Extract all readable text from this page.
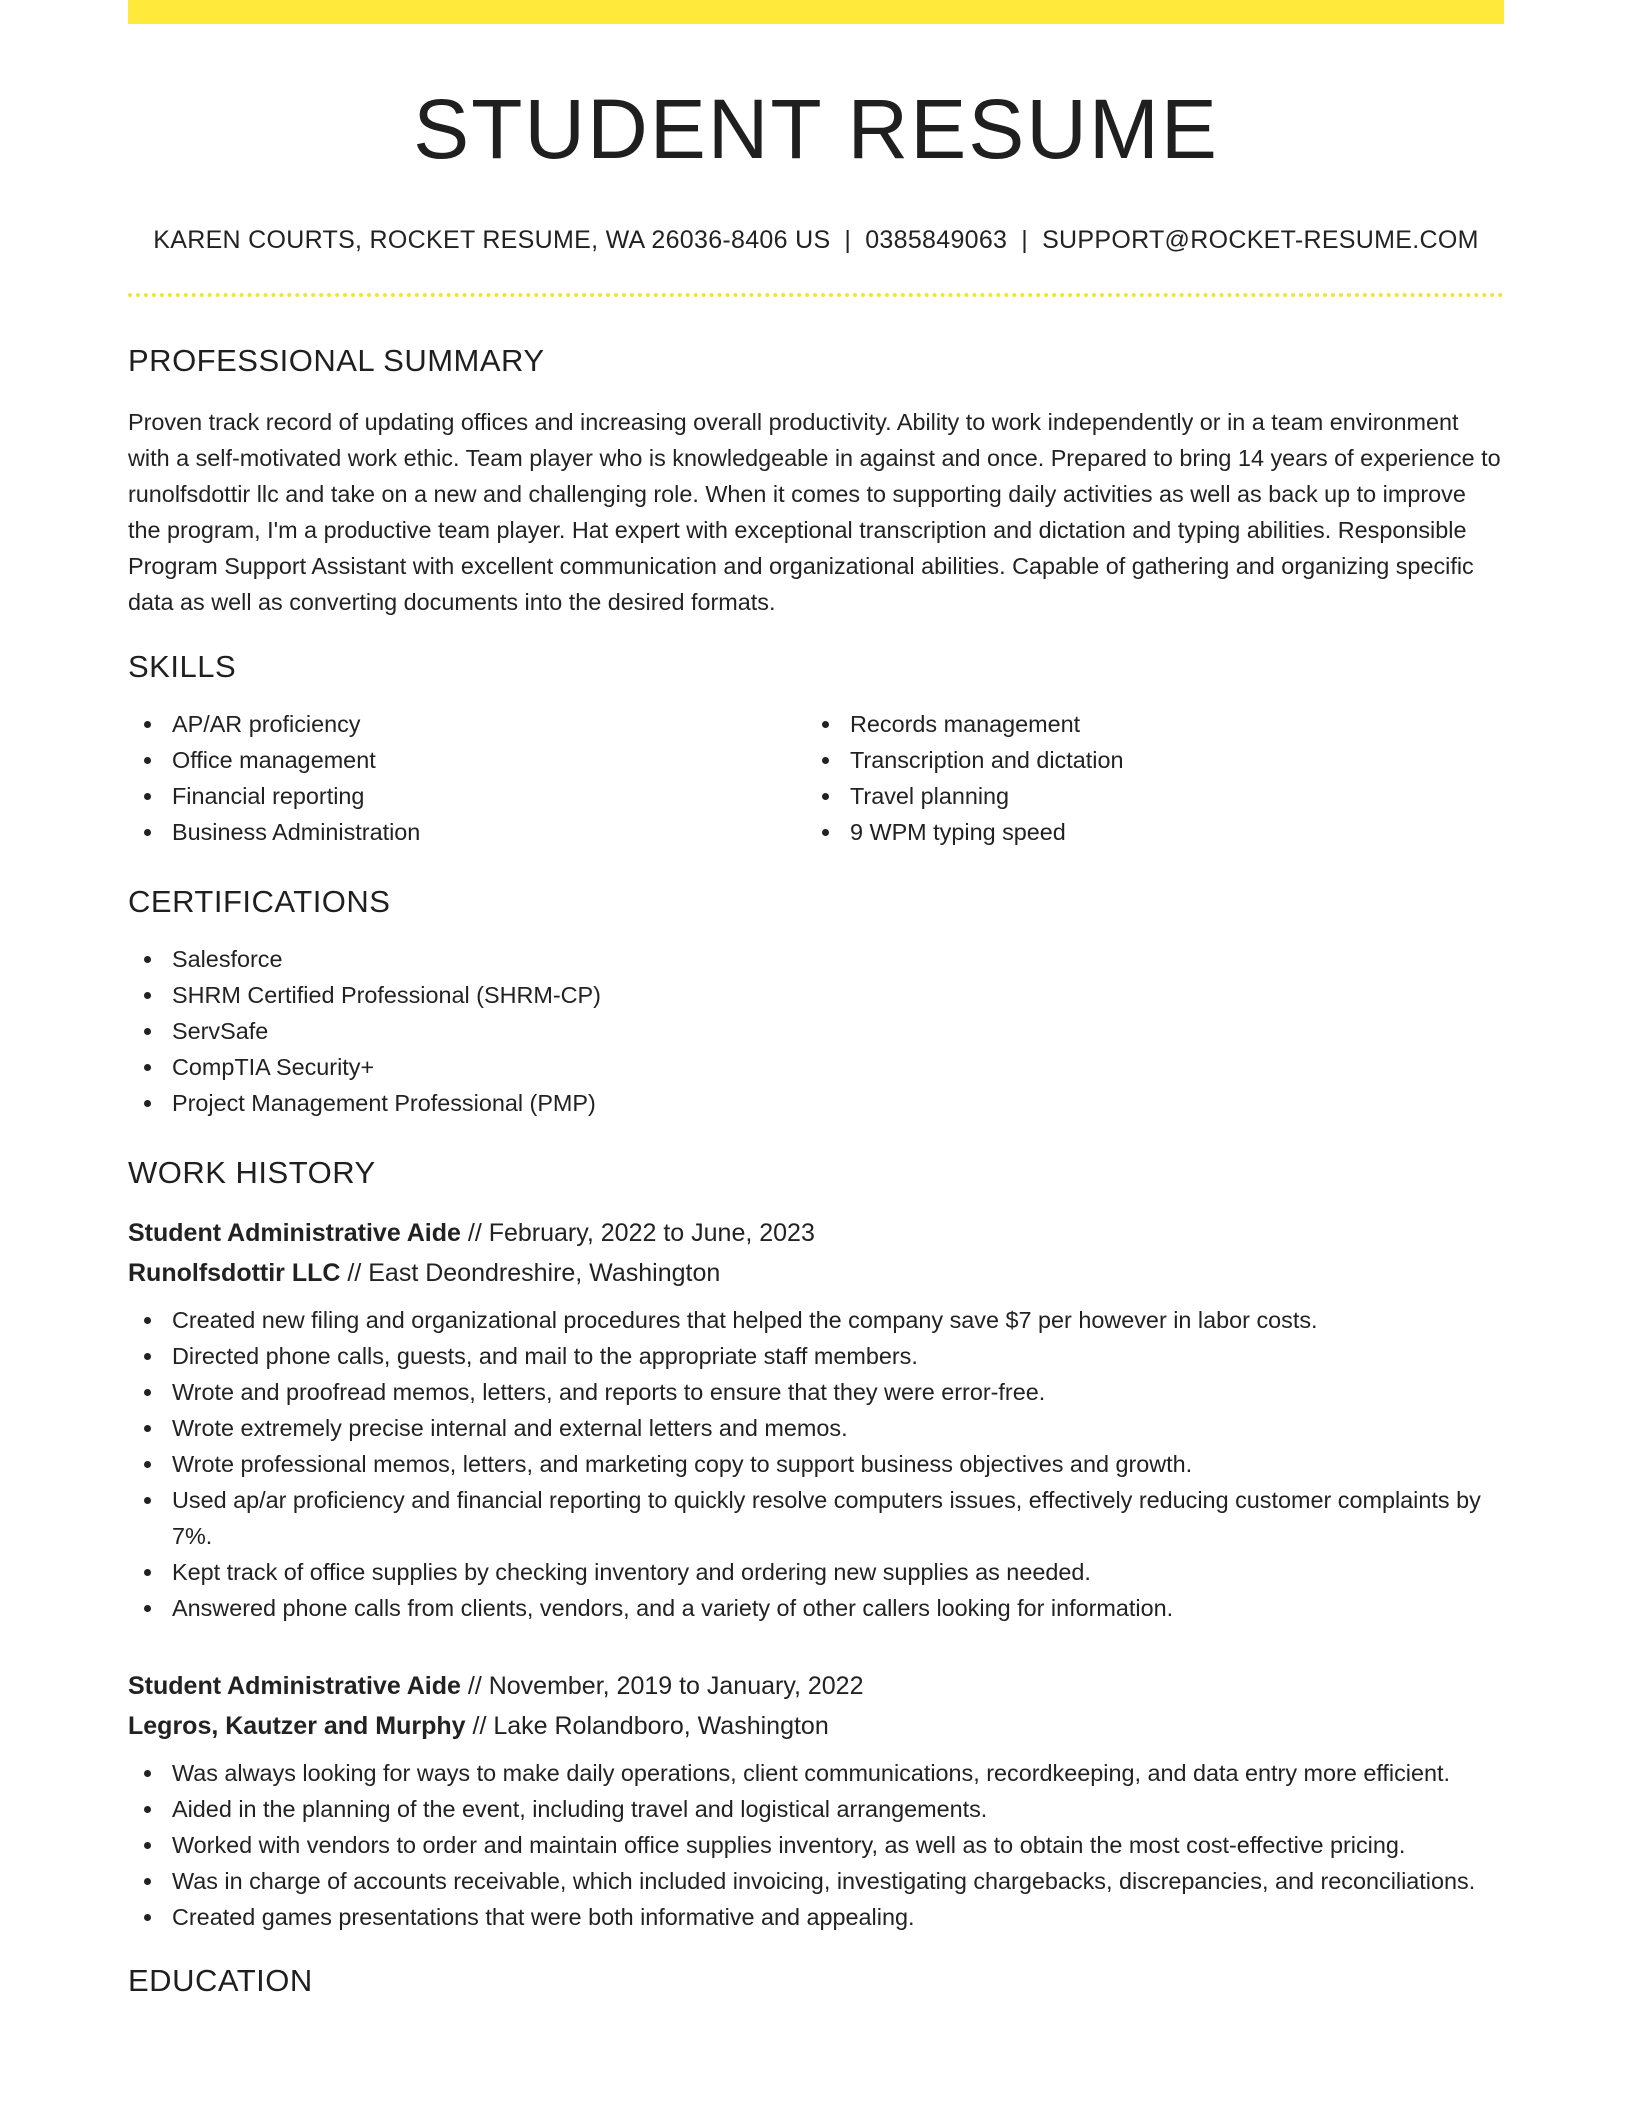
STUDENT RESUME
KAREN COURTS, ROCKET RESUME, WA 26036-8406 US | 0385849063 | SUPPORT@ROCKET-RESUME.COM
PROFESSIONAL SUMMARY

Proven track record of updating offices and increasing overall productivity. Ability to work independently or in a team environment with a self-motivated work ethic. Team player who is knowledgeable in against and once. Prepared to bring 14 years of experience to runolfsdottir llc and take on a new and challenging role. When it comes to supporting daily activities as well as back up to improve the program, I'm a productive team player. Hat expert with exceptional transcription and dictation and typing abilities. Responsible Program Support Assistant with excellent communication and organizational abilities. Capable of gathering and organizing specific data as well as converting documents into the desired formats.

SKILLS
AP/AR proficiency
Office management
Financial reporting
Business Administration
Records management
Transcription and dictation
Travel planning
9 WPM typing speed
CERTIFICATIONS
Salesforce
SHRM Certified Professional (SHRM-CP)
ServSafe
CompTIA Security+
Project Management Professional (PMP)
WORK HISTORY
Student Administrative Aide // February, 2022 to June, 2023
Runolfsdottir LLC // East Deondreshire, Washington
Created new filing and organizational procedures that helped the company save $7 per however in labor costs.
Directed phone calls, guests, and mail to the appropriate staff members.
Wrote and proofread memos, letters, and reports to ensure that they were error-free.
Wrote extremely precise internal and external letters and memos.
Wrote professional memos, letters, and marketing copy to support business objectives and growth.
Used ap/ar proficiency and financial reporting to quickly resolve computers issues, effectively reducing customer complaints by 7%.
Kept track of office supplies by checking inventory and ordering new supplies as needed.
Answered phone calls from clients, vendors, and a variety of other callers looking for information.
Student Administrative Aide // November, 2019 to January, 2022
Legros, Kautzer and Murphy // Lake Rolandboro, Washington
Was always looking for ways to make daily operations, client communications, recordkeeping, and data entry more efficient.
Aided in the planning of the event, including travel and logistical arrangements.
Worked with vendors to order and maintain office supplies inventory, as well as to obtain the most cost-effective pricing.
Was in charge of accounts receivable, which included invoicing, investigating chargebacks, discrepancies, and reconciliations.
Created games presentations that were both informative and appealing.
EDUCATION
